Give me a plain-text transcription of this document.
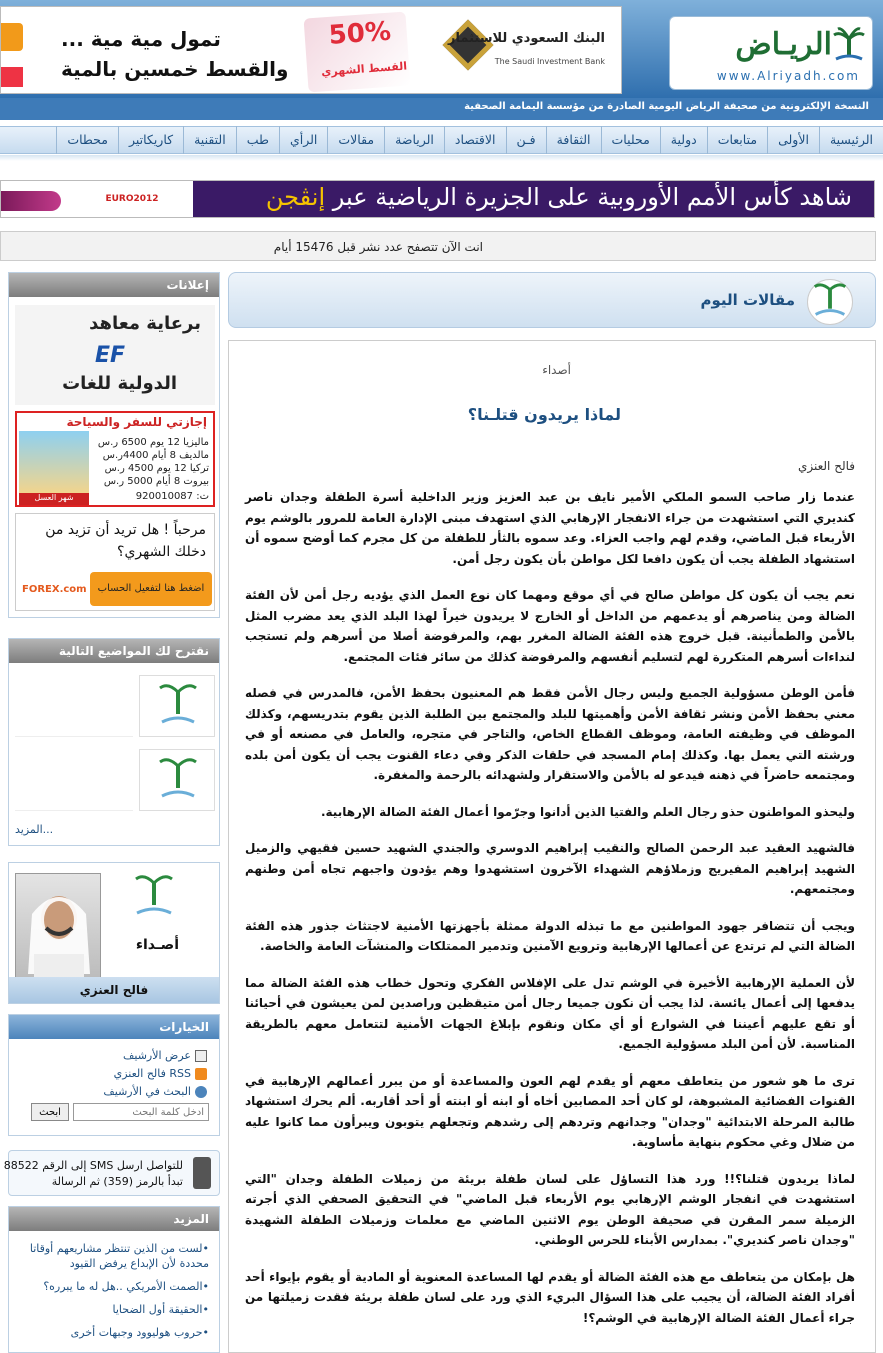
تمول مية مية ...
والقسط خمسين بالمية
50%
القسط الشهري
البنك السعودي للاستثمار
The Saudi Investment Bank	الريـاض
www.Alriyadh.com
النسخة الإلكترونية من صحيفة الرياض اليومية الصادرة من مؤسسة اليمامة الصحفية
الرئيسية
الأولى
متابعات
دولية
محليات
الثقافة
فـن
الاقتصاد
الرياضة
مقالات
الرأي
طب
التقنية
كاريكاتير
محطات
EURO2012	شاهد كأس الأمم الأوروبية على الجزيرة الرياضية عبر إنڤجن
انت الآن تتصفح عدد نشر قبل 15476 أيام
إعلانات
برعاية معاهد
EF
الدولية للغات
إجازتي للسفر والسياحة
ماليزيا 12 يوم 6500 ر.س
مالديف 8 أيام 4400ر.س
تركيا 12 يوم 4500 ر.س
بيروت 8 أيام 5000 ر.س
ت: 920010087
شهر العسل
مرحباً ! هل تريد أن تزيد من
دخلك الشهري؟
FOREX.com	اضغط هنا لتفعيل الحساب
نقترح لك المواضيع التالية
المزيد...
أصـداء
فالح العنزي
الخيارات
عرض الأرشيف
RSS فالح العنزي
البحث في الأرشيف
ادخل كلمة البحث
ابحث
للتواصل ارسل SMS إلى الرقم 88522
تبدأ بالرمز (359) ثم الرسالة
المزيد
• لست من الذين تنتظر مشاريعهم أوقاتا محددة لأن الإبداع يرفض القيود
• الصمت الأمريكي ..هل له ما يبرره؟
• الحقيقة أول الضحايا
• حروب هوليوود وجبهات أخرى
مقالات اليوم
أصداء
لماذا يريدون قتلـنا؟
فالح العنزي

عندما زار صاحب السمو الملكي الأمير نايف بن عبد العزيز وزير الداخلية أسرة الطفلة وجدان ناصر كنديري التي استشهدت من جراء الانفجار الإرهابي الذي استهدف مبنى الإدارة العامة للمرور بالوشم يوم الأربعاء قبل الماضي، وقدم لهم واجب العزاء. وعد سموه بالثأر للطفلة من كل مجرم كما أوضح سموه أن استشهاد الطفلة يجب أن يكون دافعا لكل مواطن بأن يكون رجل أمن.

نعم يجب أن يكون كل مواطن صالح في أي موقع ومهما كان نوع العمل الذي يؤديه رجل أمن لأن الفئة الضالة ومن يناصرهم أو يدعمهم من الداخل أو الخارج لا يريدون خيراً لهذا البلد الذي يعد مضرب المثل بالأمن والطمأنينة. قبل خروج هذه الفئة الضالة المغرر بهم، والمرفوضة أصلا من أسرهم ولم تستجب لنداءات أسرهم المتكررة لهم لتسليم أنفسهم والمرفوضة كذلك من سائر فئات المجتمع.

فأمن الوطن مسؤولية الجميع وليس رجال الأمن فقط هم المعنيون بحفظ الأمن، فالمدرس في فصله معني بحفظ الأمن ونشر ثقافة الأمن وأهميتها للبلد والمجتمع بين الطلبة الذين يقوم بتدريسهم، وكذلك الموظف في وظيفته العامة، وموظف القطاع الخاص، والتاجر في متجره، والعامل في مصنعه أو في ورشته التي يعمل بها. وكذلك إمام المسجد في حلقات الذكر وفي دعاء القنوت يجب أن يكون أمن بلده ومجتمعه حاضراً في ذهنه فيدعو له بالأمن والاستقرار ولشهدائه بالرحمة والمغفرة.

وليحذو المواطنون حذو رجال العلم والفتيا الذين أدانوا وجرّموا أعمال الفئة الضالة الإرهابية.

فالشهيد العقيد عبد الرحمن الصالح والنقيب إبراهيم الدوسري والجندي الشهيد حسين فقيهي والزميل الشهيد إبراهيم المفيريج وزملاؤهم الشهداء الآخرون استشهدوا وهم يؤدون واجبهم تجاه أمن وطنهم ومجتمعهم.

ويجب أن تتضافر جهود المواطنين مع ما تبذله الدولة ممثلة بأجهزتها الأمنية لاجتثاث جذور هذه الفئة الضالة التي لم ترتدع عن أعمالها الإرهابية وترويع الآمنين وتدمير الممتلكات والمنشآت العامة والخاصة.

لأن العملية الإرهابية الأخيرة في الوشم تدل على الإفلاس الفكري وتحول خطاب هذه الفئة الضالة مما يدفعها إلى أعمال يائسة. لذا يجب أن نكون جميعا رجال أمن متيقظين وراصدين لمن يعيشون في أحيائنا أو تقع عليهم أعيننا في الشوارع أو أي مكان ونقوم بإبلاغ الجهات الأمنية لتتعامل معهم بالطريقة المناسبة. لأن أمن البلد مسؤولية الجميع.

ترى ما هو شعور من يتعاطف معهم أو يقدم لهم العون والمساعدة أو من يبرر أعمالهم الإرهابية في القنوات الفضائية المشبوهة، لو كان أحد المصابين أخاه أو ابنه أو ابنته أو أحد أقاربه. ألم يحرك استشهاد طالبة المرحلة الابتدائية "وجدان" وجدانهم وتردهم إلى رشدهم وتجعلهم يتوبون ويبرأون مما كانوا عليه من ضلال وغي محكوم بنهاية مأساوية.

لماذا يريدون قتلنا؟!! ورد هذا التساؤل على لسان طفلة بريئة من زميلات الطفلة وجدان "التي استشهدت في انفجار الوشم الإرهابي يوم الأربعاء قبل الماضي" في التحقيق الصحفي الذي أجرته الزميلة سمر المقرن في صحيفة الوطن يوم الاثنين الماضي مع معلمات وزميلات الطفلة الشهيدة "وجدان ناصر كنديري". بمدارس الأبناء للحرس الوطني.

هل بإمكان من يتعاطف مع هذه الفئة الضالة أو يقدم لها المساعدة المعنوية أو المادية أو يقوم بإيواء أحد أفراد الفئة الضالة، أن يجيب على هذا السؤال البريء الذي ورد على لسان طفلة بريئة فقدت زميلتها من جراء أعمال الفئة الضالة الإرهابية في الوشم؟!
